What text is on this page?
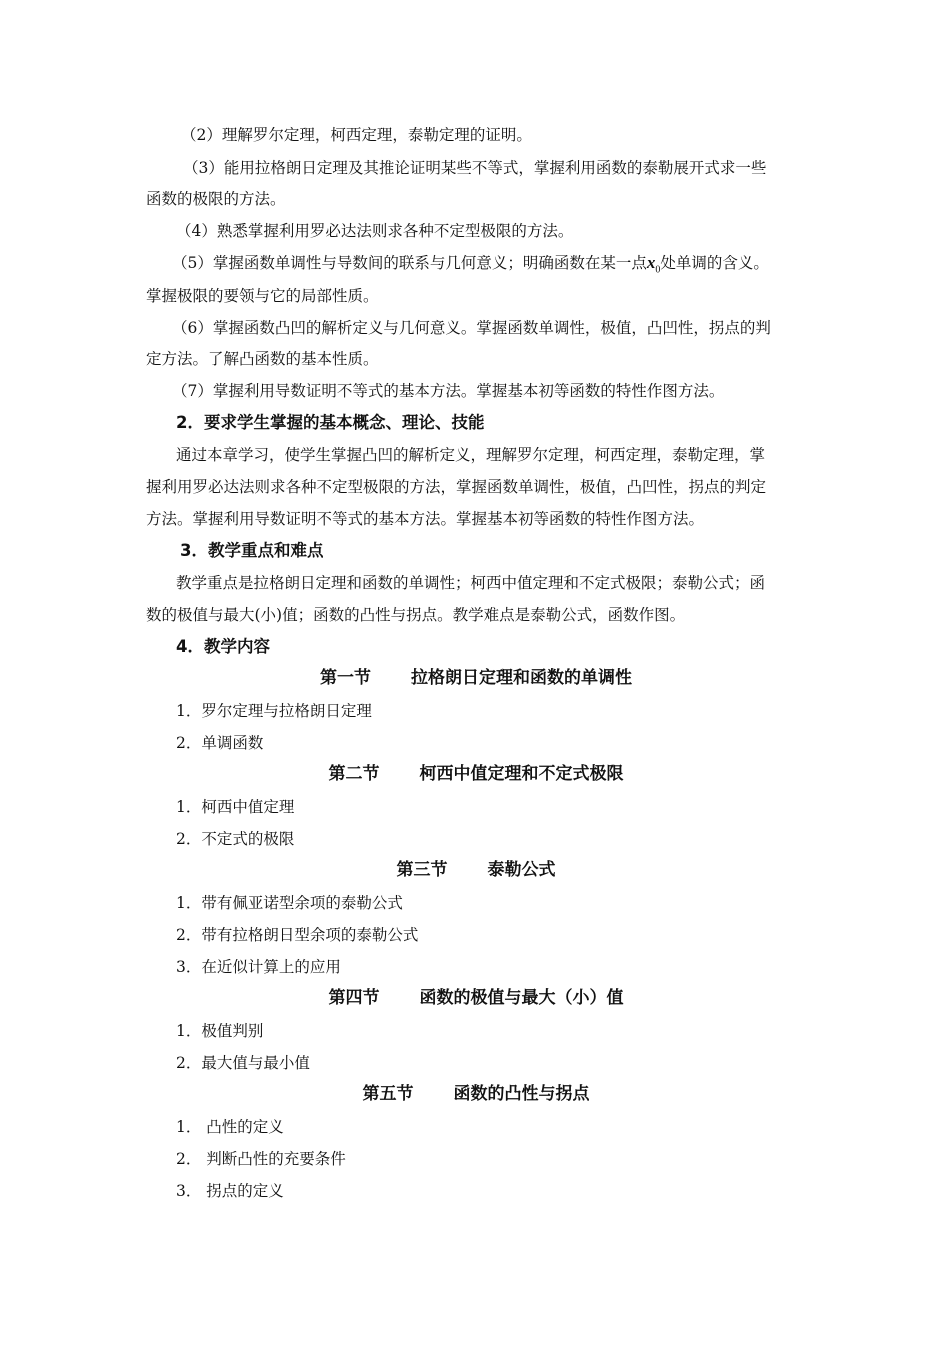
（2）理解罗尔定理，柯西定理，泰勒定理的证明。

（3）能用拉格朗日定理及其推论证明某些不等式，掌握利用函数的泰勒展开式求一些

函数的极限的方法。

（4）熟悉掌握利用罗必达法则求各种不定型极限的方法。

（5）掌握函数单调性与导数间的联系与几何意义；明确函数在某一点$x_0$处单调的含义。

掌握极限的要领与它的局部性质。

（6）掌握函数凸凹的解析定义与几何意义。掌握函数单调性，极值，凸凹性，拐点的判

定方法。了解凸函数的基本性质。

（7）掌握利用导数证明不等式的基本方法。掌握基本初等函数的特性作图方法。

2．要求学生掌握的基本概念、理论、技能

通过本章学习，使学生掌握凸凹的解析定义，理解罗尔定理，柯西定理，泰勒定理，掌

握利用罗必达法则求各种不定型极限的方法，掌握函数单调性，极值，凸凹性，拐点的判定

方法。掌握利用导数证明不等式的基本方法。掌握基本初等函数的特性作图方法。

3．教学重点和难点

教学重点是拉格朗日定理和函数的单调性；柯西中值定理和不定式极限；泰勒公式；函

数的极值与最大(小)值；函数的凸性与拐点。教学难点是泰勒公式，函数作图。

4．教学内容

第一节 拉格朗日定理和函数的单调性

1．罗尔定理与拉格朗日定理

2．单调函数

第二节 柯西中值定理和不定式极限

1．柯西中值定理

2．不定式的极限

第三节 泰勒公式

1．带有佩亚诺型余项的泰勒公式

2．带有拉格朗日型余项的泰勒公式

3．在近似计算上的应用

第四节 函数的极值与最大（小）值

1．极值判别

2．最大值与最小值

第五节 函数的凸性与拐点

1． 凸性的定义

2． 判断凸性的充要条件

3． 拐点的定义
